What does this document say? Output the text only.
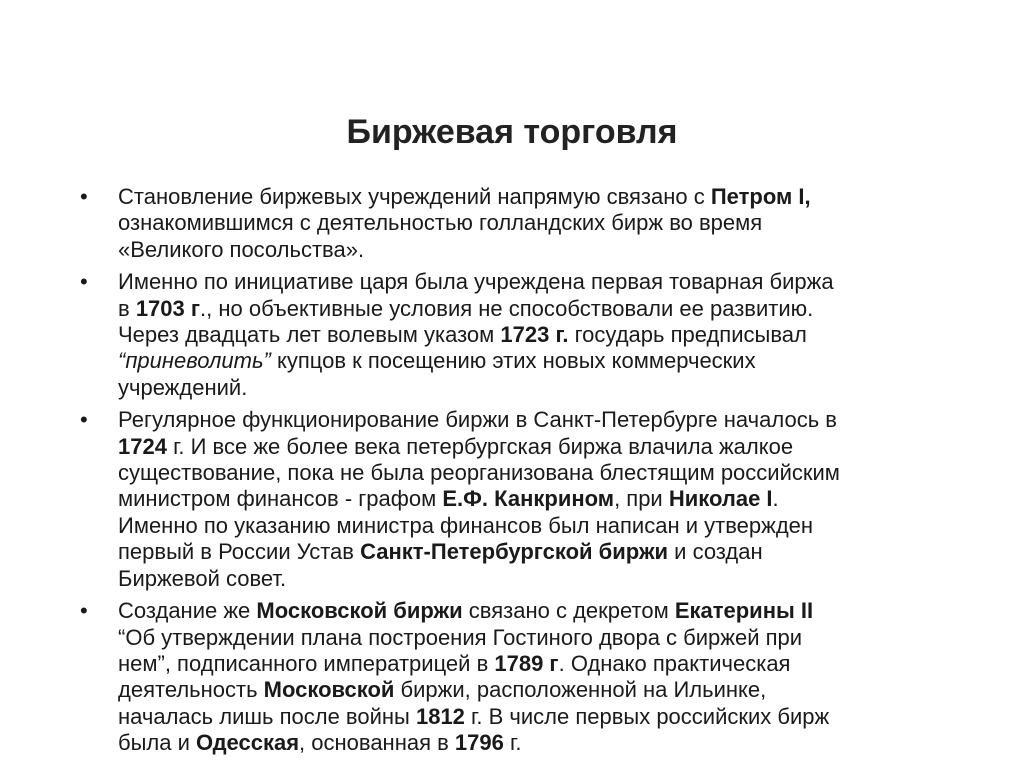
Биржевая торговля
• Становление биржевых учреждений напрямую связано с Петром I,
ознакомившимся с деятельностью голландских бирж во время
«Великого посольства».
• Именно по инициативе царя была учреждена первая товарная биржа
в 1703 г., но объективные условия не способствовали ее развитию.
Через двадцать лет волевым указом 1723 г. государь предписывал
“приневолить” купцов к посещению этих новых коммерческих
учреждений.
• Регулярное функционирование биржи в Санкт-Петербурге началось в
1724 г. И все же более века петербургская биржа влачила жалкое
существование, пока не была реорганизована блестящим российским
министром финансов - графом Е.Ф. Канкрином, при Николае I.
Именно по указанию министра финансов был написан и утвержден
первый в России Устав Санкт-Петербургской биржи и создан
Биржевой совет.
• Создание же Московской биржи связано с декретом Екатерины II
“Об утверждении плана построения Гостиного двора с биржей при
нем”, подписанного императрицей в 1789 г. Однако практическая
деятельность Московской биржи, расположенной на Ильинке,
началась лишь после войны 1812 г. В числе первых российских бирж
была и Одесская, основанная в 1796 г.
